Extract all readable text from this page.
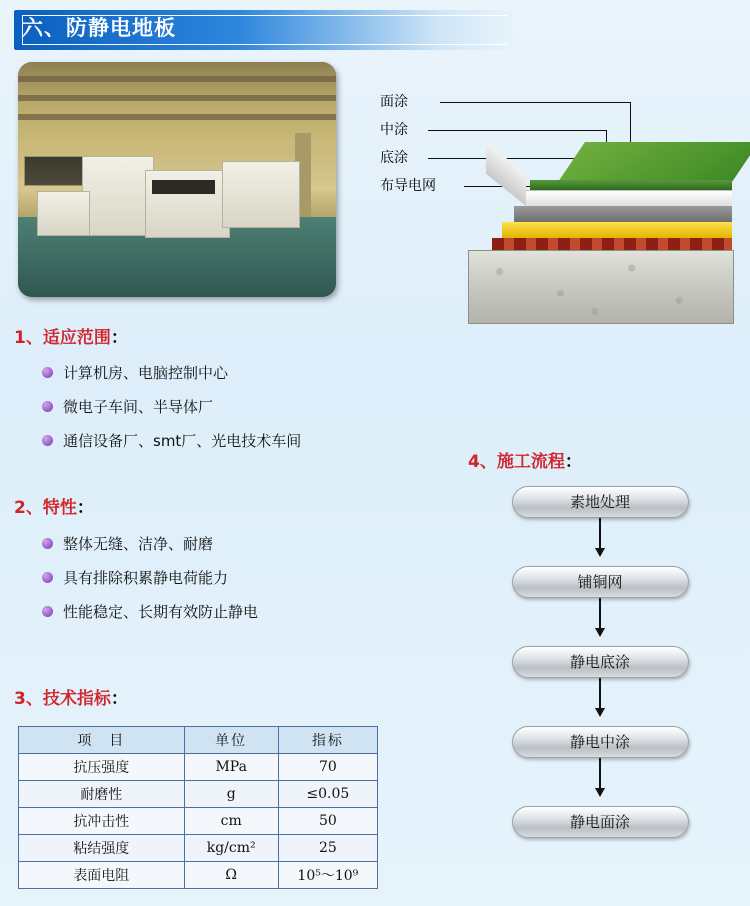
六、防静电地板
面涂
中涂
底涂
布导电网
1、适应范围：
计算机房、电脑控制中心
微电子车间、半导体厂
通信设备厂、smt厂、光电技术车间
2、特性：
整体无缝、洁净、耐磨
具有排除积累静电荷能力
性能稳定、长期有效防止静电
3、技术指标：
项　目	单位	指标
抗压强度	MPa	70
耐磨性	g	≤0.05
抗冲击性	cm	50
粘结强度	kg/cm²	25
表面电阻	Ω	10⁵～10⁹
4、施工流程：
素地处理
铺铜网
静电底涂
静电中涂
静电面涂
